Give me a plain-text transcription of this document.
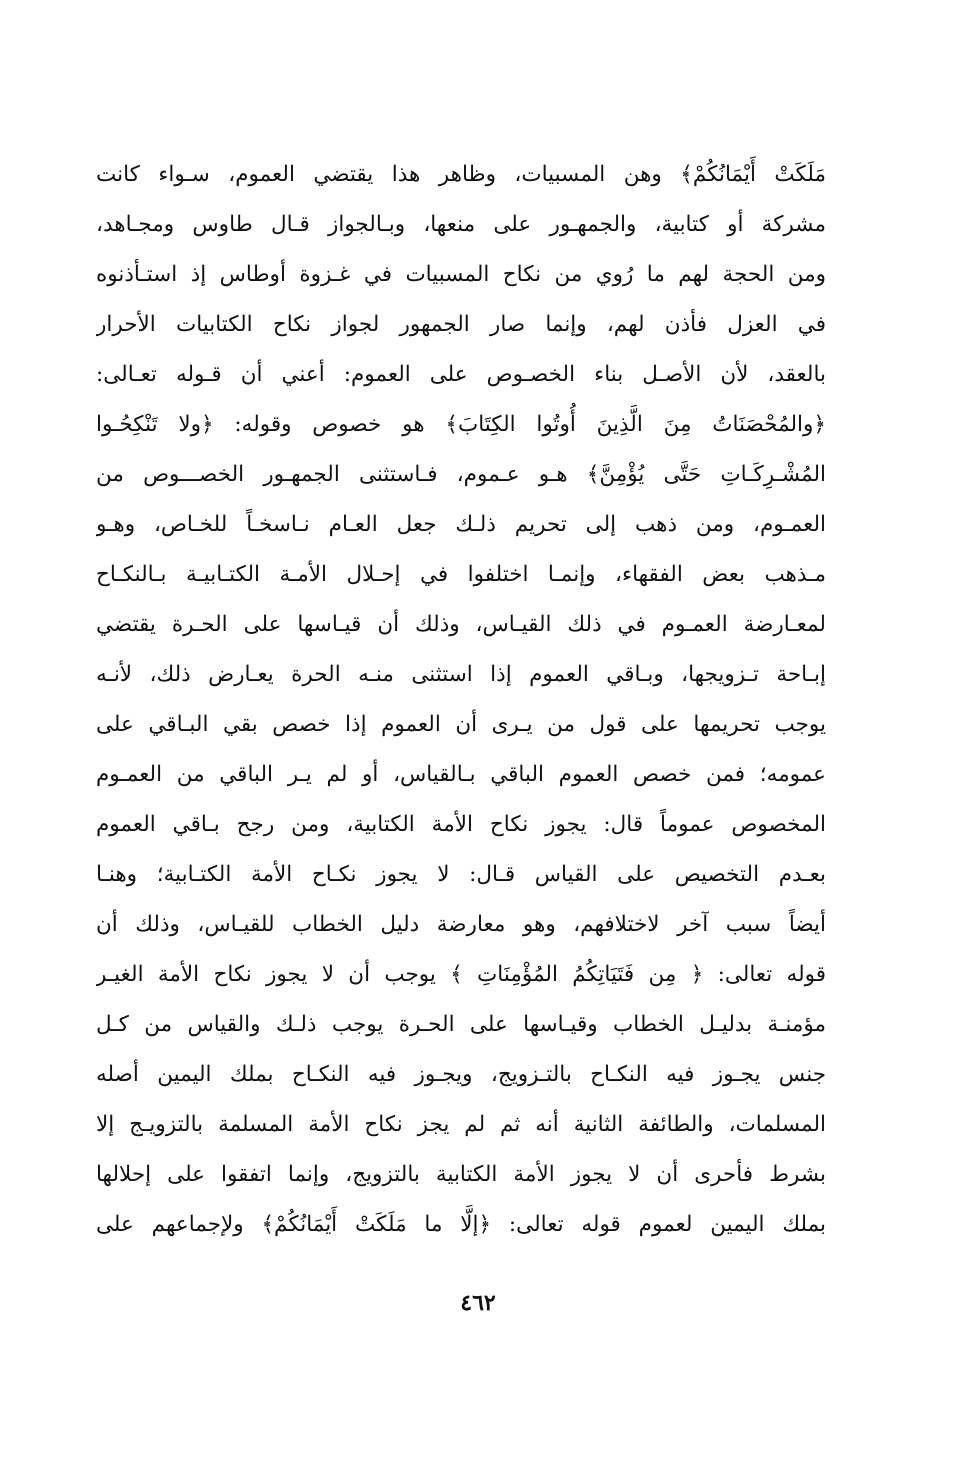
مَلَكَتْ أَيْمَانُكُمْ﴾ وهن المسبيات، وظاهر هذا يقتضي العموم، سـواء كانت
مشركة أو كتابية، والجمهـور على منعها، وبـالجواز قـال طاوس ومجـاهد،
ومن الحجة لهم ما رُوي من نكاح المسبيات في غـزوة أوطاس إذ استـأذنوه
في العزل فأذن لهم، وإنما صار الجمهور لجواز نكاح الكتابيات الأحرار
بالعقد، لأن الأصـل بناء الخصـوص على العموم: أعني أن قـوله تعـالى:
﴿والمُحْصَنَاتُ مِنَ الَّذِينَ أُوتُوا الكِتَابَ﴾ هو خصوص وقوله: ﴿ولا تَنْكِحُـوا
المُشْـرِكَـاتِ حَتَّى يُؤْمِنَّ﴾ هـو عـموم، فـاستثنى الجمهـور الخصـــوص من
العمـوم، ومن ذهب إلى تحريم ذلـك جعل العـام نـاسخـاً للخـاص، وهـو
مـذهب بعض الفقهاء، وإنمـا اختلفوا في إحـلال الأمـة الكتـابيـة بـالنكـاح
لمعـارضة العمـوم في ذلك القيـاس، وذلك أن قيـاسها على الحـرة يقتضي
إبـاحة تـزويجها، وبـاقي العموم إذا استثنى منـه الحرة يعـارض ذلك، لأنـه
يوجب تحريمها على قول من يـرى أن العموم إذا خصص بقي البـاقي على
عمومه؛ فمن خصص العموم الباقي بـالقياس، أو لم يـر الباقي من العمـوم
المخصوص عموماً قال: يجوز نكاح الأمة الكتابية، ومن رجح بـاقي العموم
بعـدم التخصيص على القياس قـال: لا يجوز نكـاح الأمة الكتـابية؛ وهنـا
أيضاً سبب آخر لاختلافهم، وهو معارضة دليل الخطاب للقيـاس، وذلك أن
قوله تعالى: ﴿ مِن فَتَيَاتِكُمُ المُؤْمِنَاتِ ﴾ يوجب أن لا يجوز نكاح الأمة الغيـر
مؤمنـة بدليـل الخطاب وقيـاسها على الحـرة يوجب ذلـك والقياس من كـل
جنس يجـوز فيه النكـاح بالتـزويج، ويجـوز فيه النكـاح بملك اليمين أصله
المسلمات، والطائفة الثانية أنه ثم لم يجز نكاح الأمة المسلمة بالتزويـج إلا
بشرط فأحرى أن لا يجوز الأمة الكتابية بالتزويج، وإنما اتفقوا على إحلالها
بملك اليمين لعموم قوله تعالى: ﴿إلَّا ما مَلَكَتْ أَيْمَانُكُمْ﴾ ولإجماعهم على
٤٦٢
